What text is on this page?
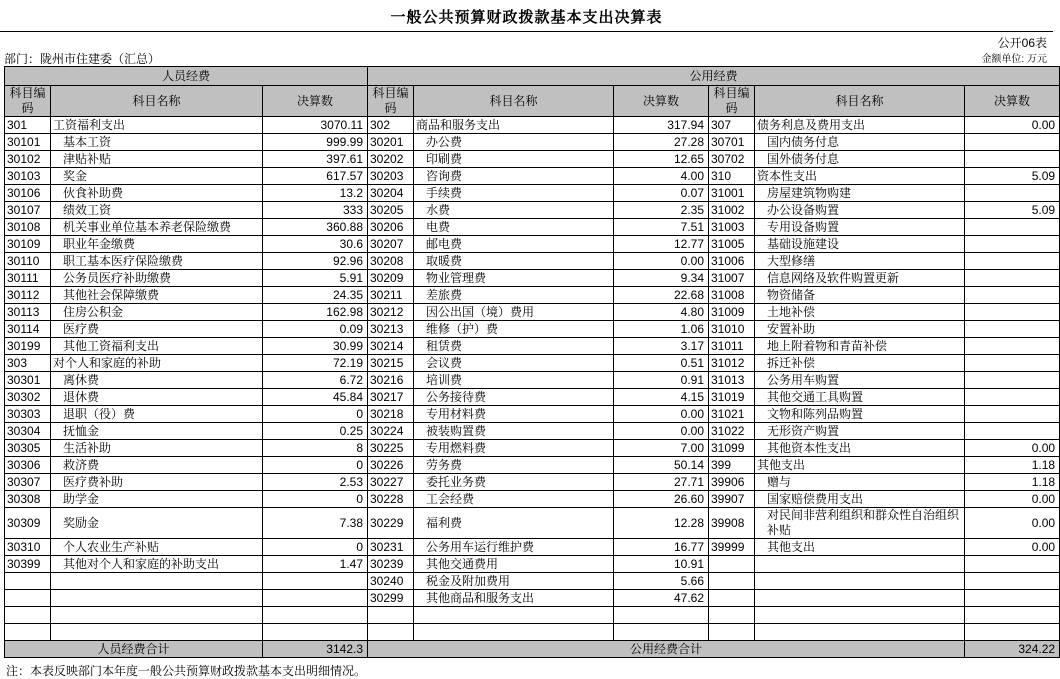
一般公共预算财政拨款基本支出决算表
公开06表
金额单位: 万元
部门：陇州市住建委（汇总）
人员经费			公用经费					
科目编码	科目名称	决算数	科目编码	科目名称	决算数	科目编码	科目名称	决算数
301	工资福利支出	3070.11	302	商品和服务支出	317.94	307	债务利息及费用支出	0.00
30101	基本工资	999.99	30201	办公费	27.28	30701	国内债务付息	
30102	津贴补贴	397.61	30202	印刷费	12.65	30702	国外债务付息	
30103	奖金	617.57	30203	咨询费	4.00	310	资本性支出	5.09
30106	伙食补助费	13.2	30204	手续费	0.07	31001	房屋建筑物购建	
30107	绩效工资	333	30205	水费	2.35	31002	办公设备购置	5.09
30108	机关事业单位基本养老保险缴费	360.88	30206	电费	7.51	31003	专用设备购置	
30109	职业年金缴费	30.6	30207	邮电费	12.77	31005	基础设施建设	
30110	职工基本医疗保险缴费	92.96	30208	取暖费	0.00	31006	大型修缮	
30111	公务员医疗补助缴费	5.91	30209	物业管理费	9.34	31007	信息网络及软件购置更新	
30112	其他社会保障缴费	24.35	30211	差旅费	22.68	31008	物资储备	
30113	住房公积金	162.98	30212	因公出国（境）费用	4.80	31009	土地补偿	
30114	医疗费	0.09	30213	维修（护）费	1.06	31010	安置补助	
30199	其他工资福利支出	30.99	30214	租赁费	3.17	31011	地上附着物和青苗补偿	
303	对个人和家庭的补助	72.19	30215	会议费	0.51	31012	拆迁补偿	
30301	离休费	6.72	30216	培训费	0.91	31013	公务用车购置	
30302	退休费	45.84	30217	公务接待费	4.15	31019	其他交通工具购置	
30303	退职（役）费	0	30218	专用材料费	0.00	31021	文物和陈列品购置	
30304	抚恤金	0.25	30224	被装购置费	0.00	31022	无形资产购置	
30305	生活补助	8	30225	专用燃料费	7.00	31099	其他资本性支出	0.00
30306	救济费	0	30226	劳务费	50.14	399	其他支出	1.18
30307	医疗费补助	2.53	30227	委托业务费	27.71	39906	赠与	1.18
30308	助学金	0	30228	工会经费	26.60	39907	国家赔偿费用支出	0.00
30309	奖励金	7.38	30229	福利费	12.28	39908	对民间非营利组织和群众性自治组织补贴	0.00
30310	个人农业生产补贴	0	30231	公务用车运行维护费	16.77	39999	其他支出	0.00
30399	其他对个人和家庭的补助支出	1.47	30239	其他交通费用	10.91			
			30240	税金及附加费用	5.66			
			30299	其他商品和服务支出	47.62			

人员经费合计		3142.3	公用经费合计					324.22
注：本表反映部门本年度一般公共预算财政拨款基本支出明细情况。
